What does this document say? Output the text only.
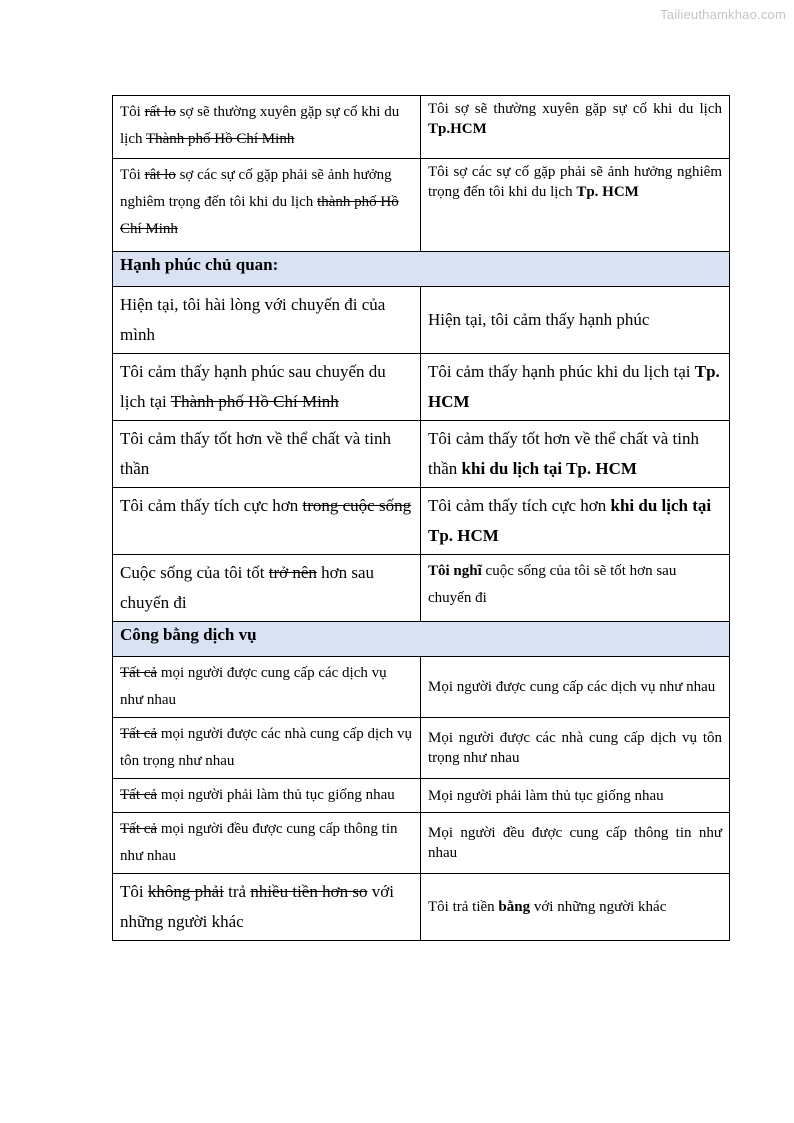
Tailieuthamkhao.com
Tôi rất lo sợ sẽ thường xuyên gặp sự cố khi du lịch Thành phố Hồ Chí Minh	Tôi sợ sẽ thường xuyên gặp sự cố khi du lịch Tp.HCM
Tôi rât lo sợ các sự cố gặp phải sẽ ảnh hưởng nghiêm trọng đến tôi khi du lịch thành phố Hồ Chí Minh	Tôi sợ các sự cố gặp phải sẽ ảnh hưởng nghiêm trọng đến tôi khi du lịch Tp. HCM
Hạnh phúc chủ quan:	
Hiện tại, tôi hài lòng với chuyến đi của mình	Hiện tại, tôi cảm thấy hạnh phúc
Tôi cảm thấy hạnh phúc sau chuyến du lịch tại Thành phố Hồ Chí Minh	Tôi cảm thấy hạnh phúc khi du lịch tại Tp. HCM
Tôi cảm thấy tốt hơn về thể chất và tinh thần	Tôi cảm thấy tốt hơn về thể chất và tinh thần khi du lịch tại Tp. HCM
Tôi cảm thấy tích cực hơn trong cuộc sống	Tôi cảm thấy tích cực hơn khi du lịch tại Tp. HCM
Cuộc sống của tôi tốt trở nên hơn sau chuyến đi	Tôi nghĩ cuộc sống của tôi sẽ tốt hơn sau chuyến đi
Công bằng dịch vụ	
Tất cả mọi người được cung cấp các dịch vụ như nhau	Mọi người được cung cấp các dịch vụ như nhau
Tất cả mọi người được các nhà cung cấp dịch vụ tôn trọng như nhau	Mọi người được các nhà cung cấp dịch vụ tôn trọng như nhau
Tất cả mọi người phải làm thủ tục giống nhau	Mọi người phải làm thủ tục giống nhau
Tất cả mọi người đều được cung cấp thông tin như nhau	Mọi người đều được cung cấp thông tin như nhau
Tôi không phải trả nhiều tiền hơn so với những người khác	Tôi trả tiền bằng với những người khác
